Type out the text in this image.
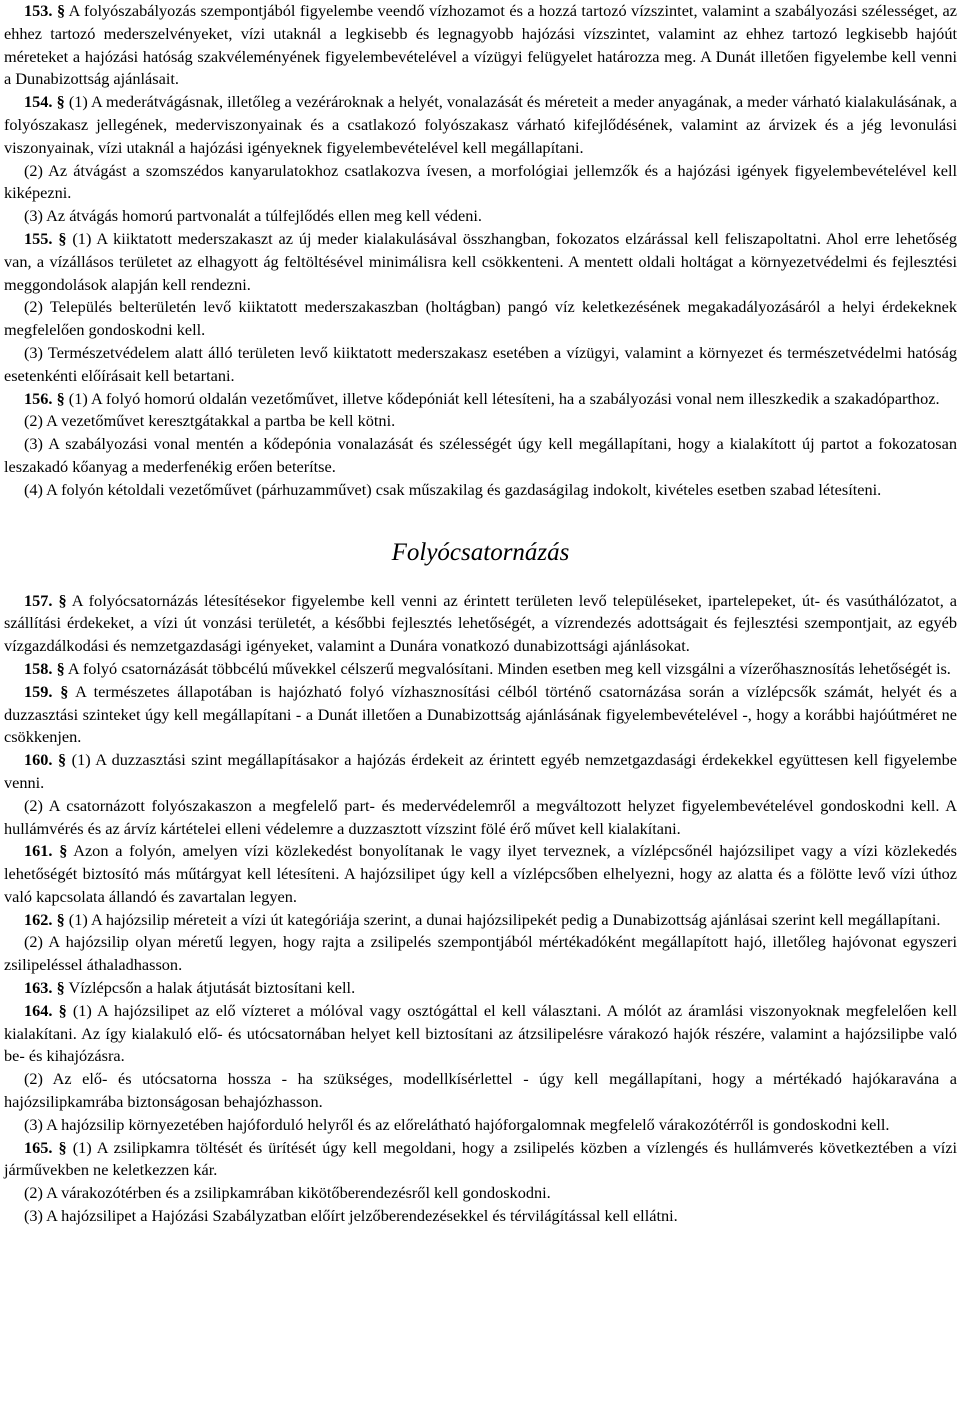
153. § A folyószabályozás szempontjából figyelembe veendő vízhozamot és a hozzá tartozó vízszintet, valamint a szabályozási szélességet, az ehhez tartozó mederszelvényeket, vízi utaknál a legkisebb és legnagyobb hajózási vízszintet, valamint az ehhez tartozó legkisebb hajóút méreteket a hajózási hatóság szakvéleményének figyelembevételével a vízügyi felügyelet határozza meg. A Dunát illetően figyelembe kell venni a Dunabizottság ajánlásait.

154. § (1) A mederátvágásnak, illetőleg a vezérároknak a helyét, vonalazását és méreteit a meder anyagának, a meder várható kialakulásának, a folyószakasz jellegének, mederviszonyainak és a csatlakozó folyószakasz várható kifejlődésének, valamint az árvizek és a jég levonulási viszonyainak, vízi utaknál a hajózási igényeknek figyelembevételével kell megállapítani.

(2) Az átvágást a szomszédos kanyarulatokhoz csatlakozva ívesen, a morfológiai jellemzők és a hajózási igények figyelembevételével kell kiképezni.

(3) Az átvágás homorú partvonalát a túlfejlődés ellen meg kell védeni.

155. § (1) A kiiktatott mederszakaszt az új meder kialakulásával összhangban, fokozatos elzárással kell feliszapoltatni. Ahol erre lehetőség van, a vízállásos területet az elhagyott ág feltöltésével minimálisra kell csökkenteni. A mentett oldali holtágat a környezetvédelmi és fejlesztési meggondolások alapján kell rendezni.

(2) Település belterületén levő kiiktatott mederszakaszban (holtágban) pangó víz keletkezésének megakadályozásáról a helyi érdekeknek megfelelően gondoskodni kell.

(3) Természetvédelem alatt álló területen levő kiiktatott mederszakasz esetében a vízügyi, valamint a környezet és természetvédelmi hatóság esetenkénti előírásait kell betartani.

156. § (1) A folyó homorú oldalán vezetőművet, illetve kődepóniát kell létesíteni, ha a szabályozási vonal nem illeszkedik a szakadóparthoz.

(2) A vezetőművet keresztgátakkal a partba be kell kötni.

(3) A szabályozási vonal mentén a kődepónia vonalazását és szélességét úgy kell megállapítani, hogy a kialakított új partot a fokozatosan leszakadó kőanyag a mederfenékig erően beterítse.

(4) A folyón kétoldali vezetőművet (párhuzamművet) csak műszakilag és gazdaságilag indokolt, kivételes esetben szabad létesíteni.

Folyócsatornázás

157. § A folyócsatornázás létesítésekor figyelembe kell venni az érintett területen levő településeket, ipartelepeket, út- és vasúthálózatot, a szállítási érdekeket, a vízi út vonzási területét, a későbbi fejlesztés lehetőségét, a vízrendezés adottságait és fejlesztési szempontjait, az egyéb vízgazdálkodási és nemzetgazdasági igényeket, valamint a Dunára vonatkozó dunabizottsági ajánlásokat.

158. § A folyó csatornázását többcélú művekkel célszerű megvalósítani. Minden esetben meg kell vizsgálni a vízerőhasznosítás lehetőségét is.

159. § A természetes állapotában is hajózható folyó vízhasznosítási célból történő csatornázása során a vízlépcsők számát, helyét és a duzzasztási szinteket úgy kell megállapítani - a Dunát illetően a Dunabizottság ajánlásának figyelembevételével -, hogy a korábbi hajóútméret ne csökkenjen.

160. § (1) A duzzasztási szint megállapításakor a hajózás érdekeit az érintett egyéb nemzetgazdasági érdekekkel együttesen kell figyelembe venni.

(2) A csatornázott folyószakaszon a megfelelő part- és medervédelemről a megváltozott helyzet figyelembevételével gondoskodni kell. A hullámvérés és az árvíz kártételei elleni védelemre a duzzasztott vízszint fölé érő művet kell kialakítani.

161. § Azon a folyón, amelyen vízi közlekedést bonyolítanak le vagy ilyet terveznek, a vízlépcsőnél hajózsilipet vagy a vízi közlekedés lehetőségét biztosító más műtárgyat kell létesíteni. A hajózsilipet úgy kell a vízlépcsőben elhelyezni, hogy az alatta és a fölötte levő vízi úthoz való kapcsolata állandó és zavartalan legyen.

162. § (1) A hajózsilip méreteit a vízi út kategóriája szerint, a dunai hajózsilipekét pedig a Dunabizottság ajánlásai szerint kell megállapítani.

(2) A hajózsilip olyan méretű legyen, hogy rajta a zsilipelés szempontjából mértékadóként megállapított hajó, illetőleg hajóvonat egyszeri zsilipeléssel áthaladhasson.

163. § Vízlépcsőn a halak átjutását biztosítani kell.

164. § (1) A hajózsilipet az elő vízteret a mólóval vagy osztógáttal el kell választani. A mólót az áramlási viszonyoknak megfelelően kell kialakítani. Az így kialakuló elő- és utócsatornában helyet kell biztosítani az átzsilipelésre várakozó hajók részére, valamint a hajózsilipbe való be- és kihajózásra.

(2) Az elő- és utócsatorna hossza - ha szükséges, modellkísérlettel - úgy kell megállapítani, hogy a mértékadó hajókaravánа a hajózsilipkamrába biztonságosan behajózhasson.

(3) A hajózsilip környezetében hajóforduló helyről és az előrelátható hajóforgalomnak megfelelő várakozótérről is gondoskodni kell.

165. § (1) A zsilipkamra töltését és ürítését úgy kell megoldani, hogy a zsilipelés közben a vízlengés és hullámverés következtében a vízi járművekben ne keletkezzen kár.

(2) A várakozótérben és a zsilipkamrában kikötőberendezésről kell gondoskodni.

(3) A hajózsilipet a Hajózási Szabályzatban előírt jelzőberendezésekkel és térvilágítással kell ellátni.
